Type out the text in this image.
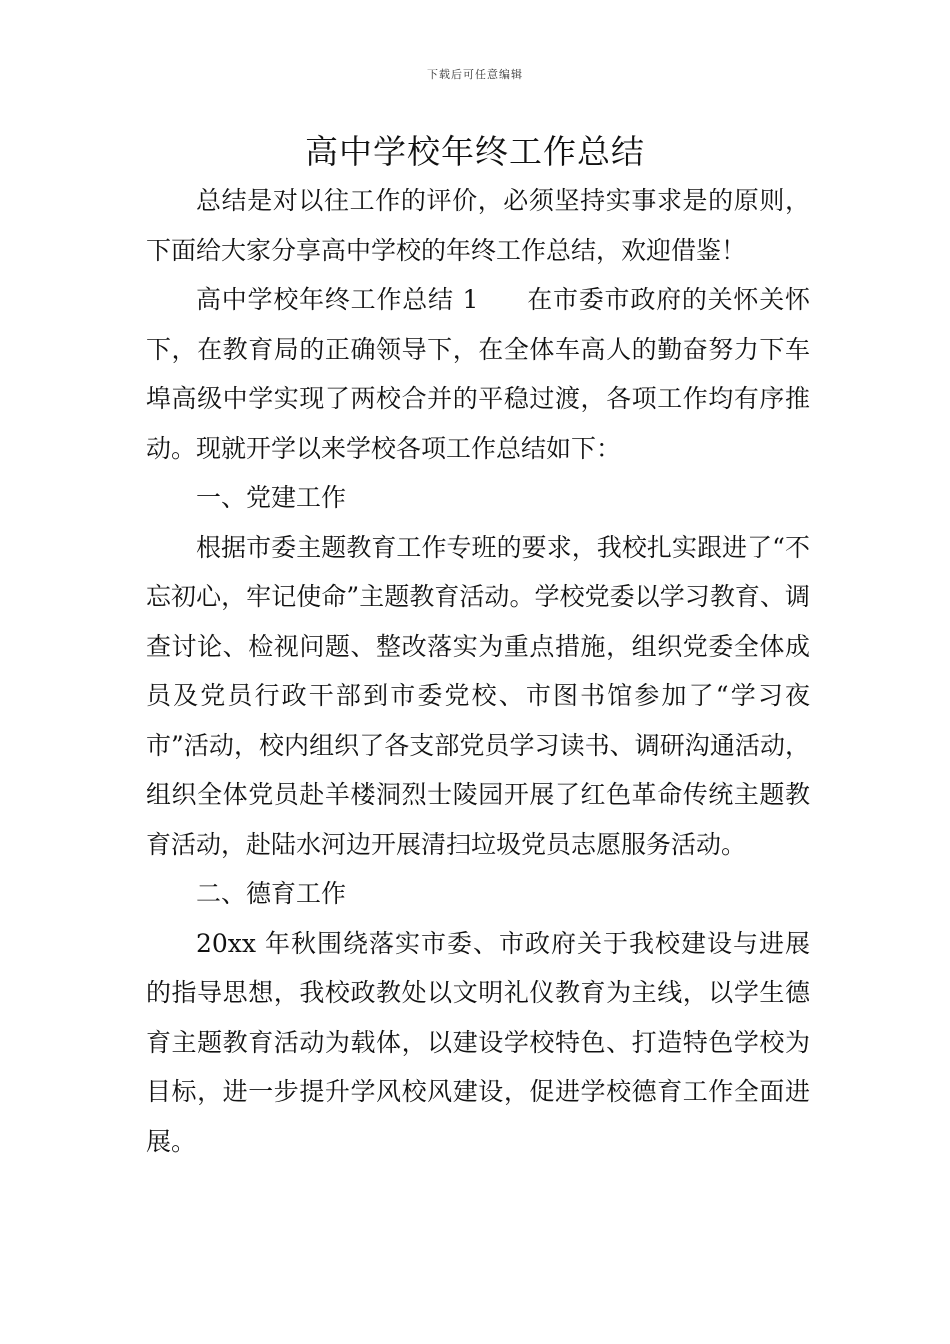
下载后可任意编辑
高中学校年终工作总结

总结是对以往工作的评价，必须坚持实事求是的原则，下面给大家分享高中学校的年终工作总结，欢迎借鉴！

高中学校年终工作总结 1 在市委市政府的关怀关怀下，在教育局的正确领导下，在全体车高人的勤奋努力下车埠高级中学实现了两校合并的平稳过渡，各项工作均有序推动。现就开学以来学校各项工作总结如下：

一、党建工作

根据市委主题教育工作专班的要求，我校扎实跟进了“不忘初心，牢记使命”主题教育活动。学校党委以学习教育、调查讨论、检视问题、整改落实为重点措施，组织党委全体成员及党员行政干部到市委党校、市图书馆参加了“学习夜市”活动，校内组织了各支部党员学习读书、调研沟通活动，组织全体党员赴羊楼洞烈士陵园开展了红色革命传统主题教育活动，赴陆水河边开展清扫垃圾党员志愿服务活动。

二、德育工作

20xx 年秋围绕落实市委、市政府关于我校建设与进展的指导思想，我校政教处以文明礼仪教育为主线，以学生德育主题教育活动为载体，以建设学校特色、打造特色学校为目标，进一步提升学风校风建设，促进学校德育工作全面进展。
